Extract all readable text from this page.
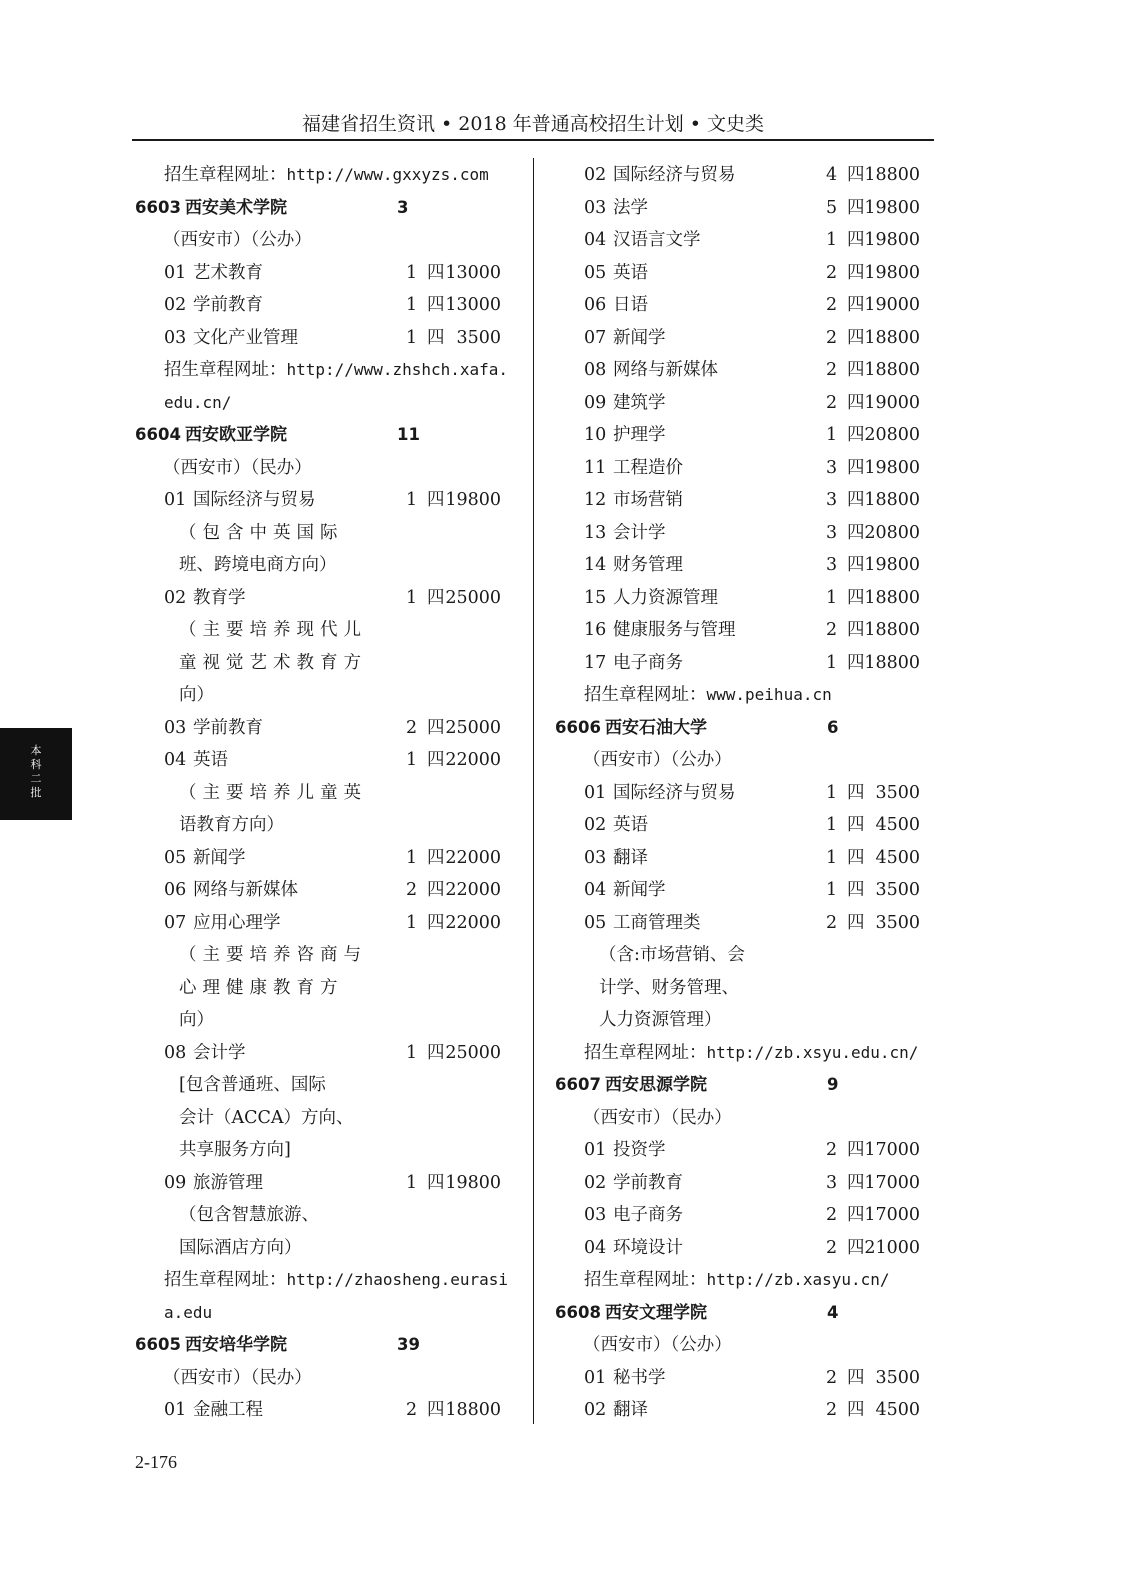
福建省招生资讯 • 2018 年普通高校招生计划 • 文史类
招生章程网址：http://www.gxxyzs.com
6603 西安美术学院	3
（西安市）（公办）
01 艺术教育	1 四 13000
02 学前教育	1 四 13000
03 文化产业管理	1 四 3500
招生章程网址：http://www.zhshch.xafa.
edu.cn/
6604 西安欧亚学院	11
（西安市）（民办）
01 国际经济与贸易	1 四 19800
（包含中英国际
班、跨境电商方向）
02 教育学	1 四 25000
（主要培养现代儿
童视觉艺术教育方
向）
03 学前教育	2 四 25000
04 英语	1 四 22000
（主要培养儿童英
语教育方向）
05 新闻学	1 四 22000
06 网络与新媒体	2 四 22000
07 应用心理学	1 四 22000
（主要培养咨商与
心理健康教育方
向）
08 会计学	1 四 25000
[包含普通班、国际
会计（ACCA）方向、
共享服务方向]
09 旅游管理	1 四 19800
（包含智慧旅游、
国际酒店方向）
招生章程网址：http://zhaosheng.eurasi
a.edu
6605 西安培华学院	39
（西安市）（民办）
01 金融工程	2 四 18800
02 国际经济与贸易	4 四 18800
03 法学	5 四 19800
04 汉语言文学	1 四 19800
05 英语	2 四 19800
06 日语	2 四 19000
07 新闻学	2 四 18800
08 网络与新媒体	2 四 18800
09 建筑学	2 四 19000
10 护理学	1 四 20800
11 工程造价	3 四 19800
12 市场营销	3 四 18800
13 会计学	3 四 20800
14 财务管理	3 四 19800
15 人力资源管理	1 四 18800
16 健康服务与管理	2 四 18800
17 电子商务	1 四 18800
招生章程网址：www.peihua.cn
6606 西安石油大学	6
（西安市）（公办）
01 国际经济与贸易	1 四 3500
02 英语	1 四 4500
03 翻译	1 四 4500
04 新闻学	1 四 3500
05 工商管理类	2 四 3500
（含:市场营销、会
计学、财务管理、
人力资源管理）
招生章程网址：http://zb.xsyu.edu.cn/
6607 西安思源学院	9
（西安市）（民办）
01 投资学	2 四 17000
02 学前教育	3 四 17000
03 电子商务	2 四 17000
04 环境设计	2 四 21000
招生章程网址：http://zb.xasyu.cn/
6608 西安文理学院	4
（西安市）（公办）
01 秘书学	2 四 3500
02 翻译	2 四 4500
本科二批
2-176
